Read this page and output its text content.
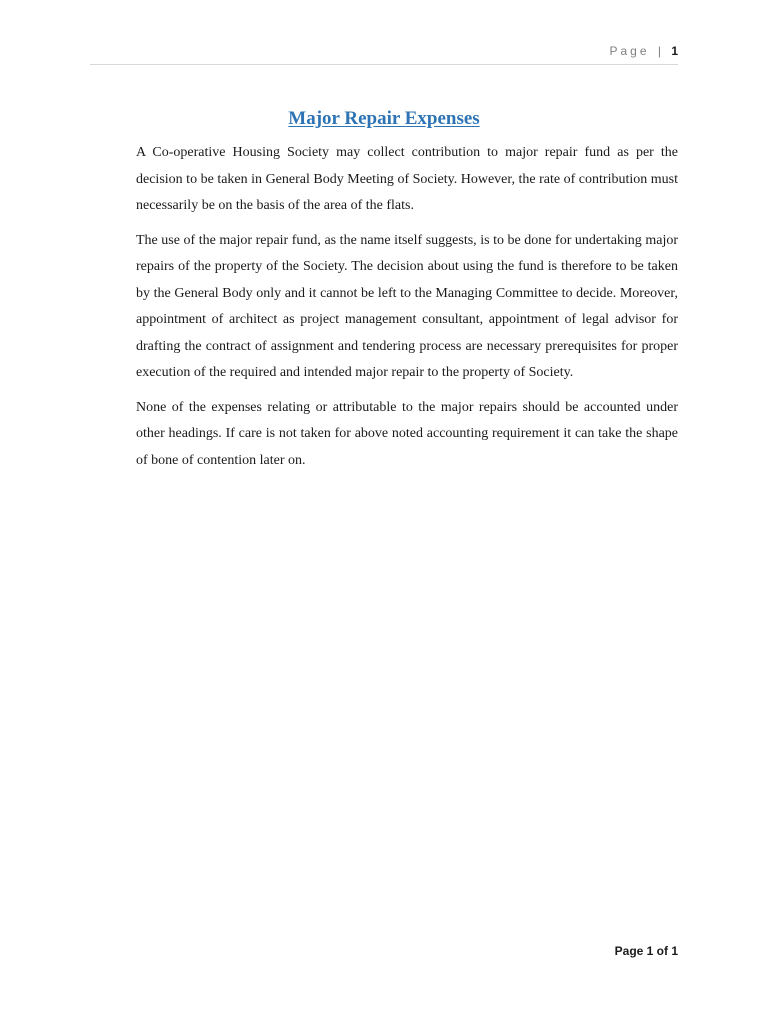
Page | 1
Major Repair Expenses

A Co-operative Housing Society may collect contribution to major repair fund as per the decision to be taken in General Body Meeting of Society. However, the rate of contribution must necessarily be on the basis of the area of the flats.

The use of the major repair fund, as the name itself suggests, is to be done for undertaking major repairs of the property of the Society. The decision about using the fund is therefore to be taken by the General Body only and it cannot be left to the Managing Committee to decide. Moreover, appointment of architect as project management consultant, appointment of legal advisor for drafting the contract of assignment and tendering process are necessary prerequisites for proper execution of the required and intended major repair to the property of Society.

None of the expenses relating or attributable to the major repairs should be accounted under other headings. If care is not taken for above noted accounting requirement it can take the shape of bone of contention later on.

Page 1 of 1
